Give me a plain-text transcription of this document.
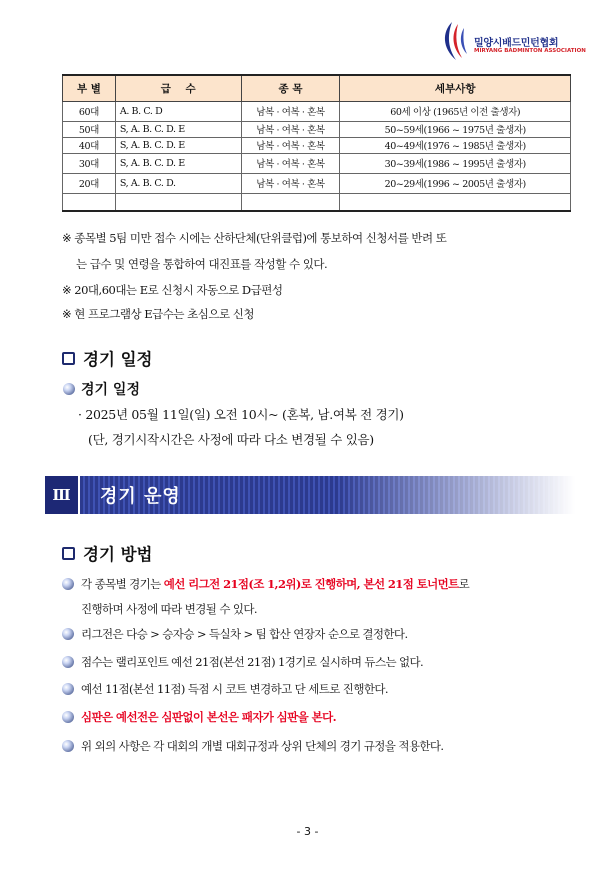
밀양시배드민턴협회
MIRYANG BADMINTON ASSOCIATION
부 별	급    수	종 목	세부사항
60대	A. B. C. D	남복 · 여복 · 혼복	60세 이상 (1965년 이전 출생자)
50대	S, A. B. C. D. E	남복 · 여복 · 혼복	50~59세(1966 ~ 1975년 출생자)
40대	S, A. B. C. D. E	남복 · 여복 · 혼복	40~49세(1976 ~ 1985년 출생자)
30대	S, A. B. C. D. E	남복 · 여복 · 혼복	30~39세(1986 ~ 1995년 출생자)
20대	S, A. B. C. D.	남복 · 여복 · 혼복	20~29세(1996 ~ 2005년 출생자)

※ 종목별 5팀 미만 접수 시에는 산하단체(단위클럽)에 통보하여 신청서를 반려 또
는 급수 및 연령을 통합하여 대진표를 작성할 수 있다.
※ 20대,60대는 E로 신청시 자동으로 D급편성
※ 현 프로그램상 E급수는 초심으로 신청
경기 일정
경기 일정
· 2025년 05월 11일(일) 오전 10시~ (혼복, 남.여복 전 경기)
(단, 경기시작시간은 사정에 따라 다소 변경될 수 있음)
Ⅲ	경기 운영
경기 방법
각 종목별 경기는 예선 리그전 21점(조 1,2위)로 진행하며, 본선 21점 토너먼트로
진행하며 사정에 따라 변경될 수 있다.
리그전은 다승 > 승자승 > 득실차 > 팀 합산 연장자 순으로 결정한다.
점수는 랠리포인트 예선 21점(본선 21점) 1경기로 실시하며 듀스는 없다.
예선 11점(본선 11점) 득점 시 코트 변경하고 단 세트로 진행한다.
심판은 예선전은 심판없이 본선은 패자가 심판을 본다.
위 외의 사항은 각 대회의 개별 대회규정과 상위 단체의 경기 규정을 적용한다.
- 3 -
